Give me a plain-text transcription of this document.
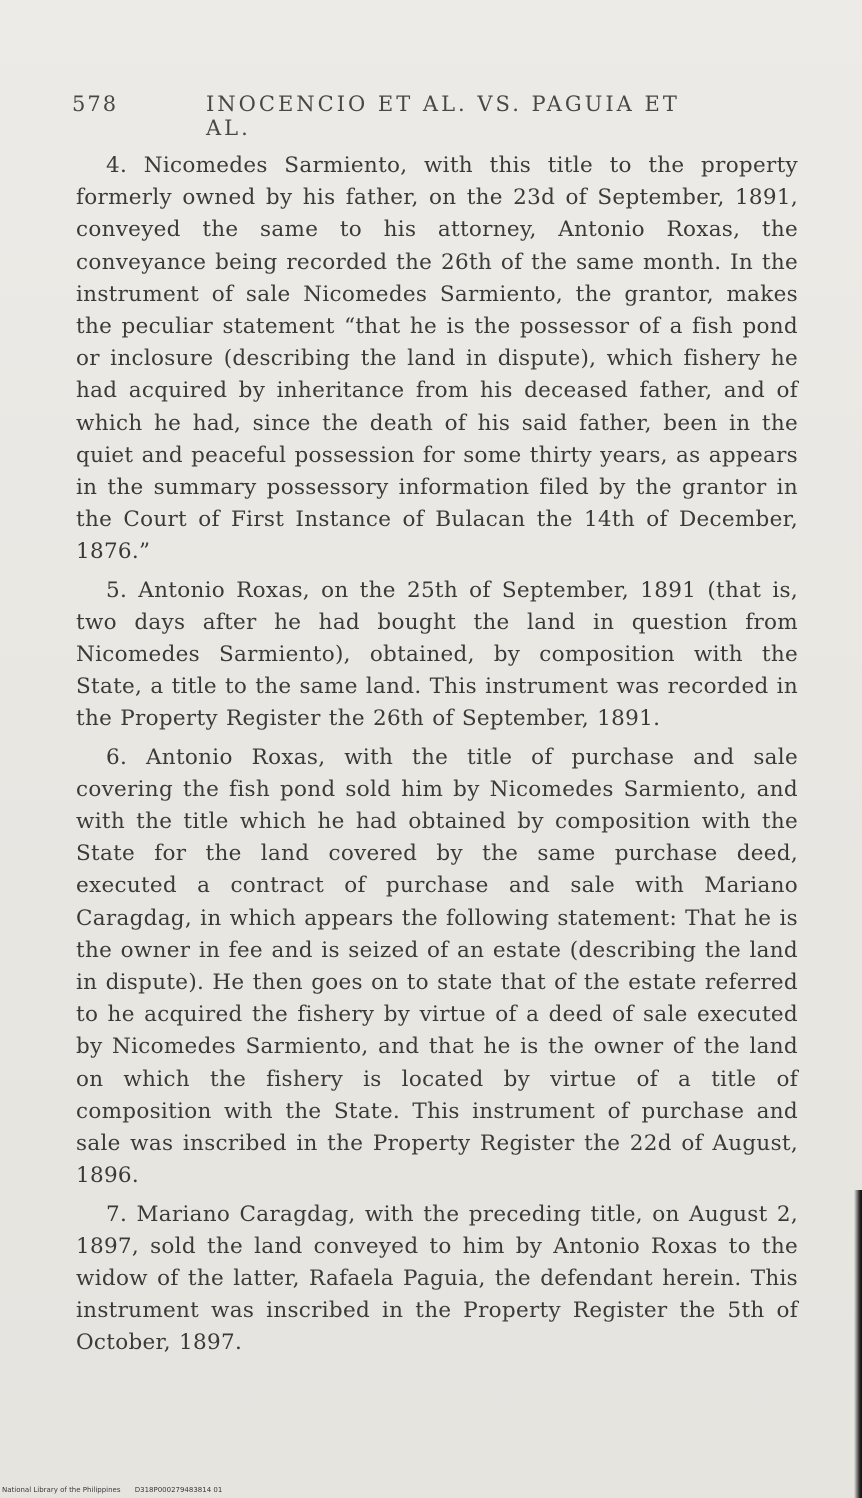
578	INOCENCIO ET AL. VS. PAGUIA ET AL.

4. Nicomedes Sarmiento, with this title to the property formerly owned by his father, on the 23d of September, 1891, conveyed the same to his attorney, Antonio Roxas, the conveyance being recorded the 26th of the same month. In the instrument of sale Nicomedes Sarmiento, the grantor, makes the peculiar statement “that he is the possessor of a fish pond or inclosure (describing the land in dispute), which fishery he had acquired by inheritance from his deceased father, and of which he had, since the death of his said father, been in the quiet and peaceful possession for some thirty years, as appears in the summary possessory information filed by the grantor in the Court of First Instance of Bulacan the 14th of December, 1876.”

5. Antonio Roxas, on the 25th of September, 1891 (that is, two days after he had bought the land in question from Nicomedes Sarmiento), obtained, by composition with the State, a title to the same land. This instrument was recorded in the Property Register the 26th of September, 1891.

6. Antonio Roxas, with the title of purchase and sale covering the fish pond sold him by Nicomedes Sarmiento, and with the title which he had obtained by composition with the State for the land covered by the same purchase deed, executed a contract of purchase and sale with Mariano Caragdag, in which appears the following statement: That he is the owner in fee and is seized of an estate (describing the land in dispute). He then goes on to state that of the estate referred to he acquired the fishery by virtue of a deed of sale executed by Nicomedes Sarmiento, and that he is the owner of the land on which the fishery is located by virtue of a title of composition with the State. This instrument of purchase and sale was inscribed in the Property Register the 22d of August, 1896.

7. Mariano Caragdag, with the preceding title, on August 2, 1897, sold the land conveyed to him by Antonio Roxas to the widow of the latter, Rafaela Paguia, the defendant herein. This instrument was inscribed in the Property Register the 5th of October, 1897.

National Library of the Philippines D318P000279483814 01
